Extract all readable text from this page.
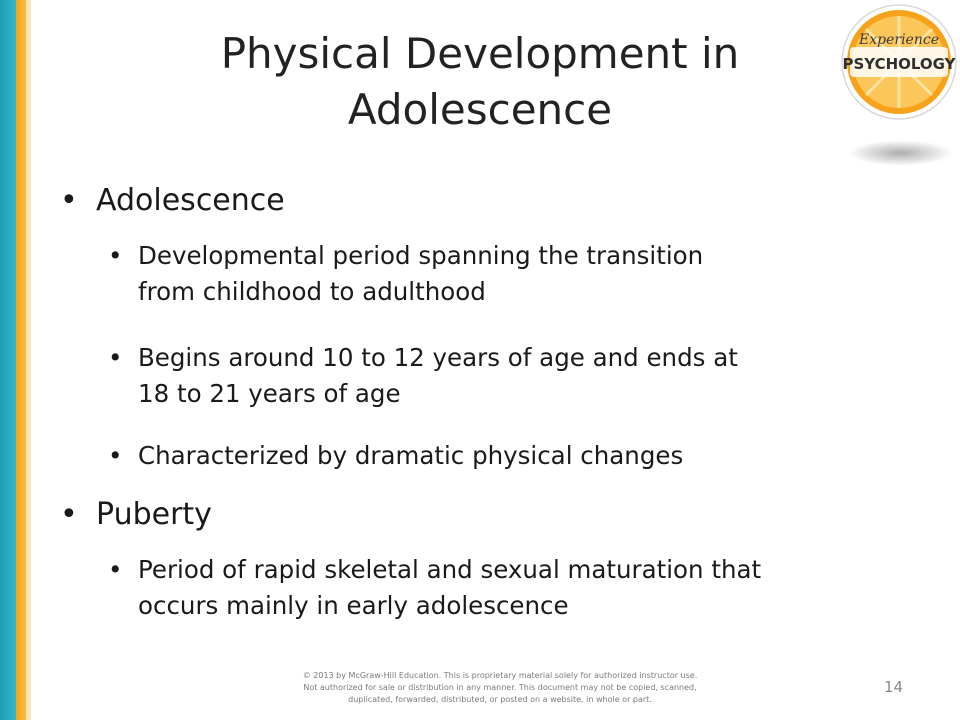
Physical Development in
Adolescence
Experience
PSYCHOLOGY
• Adolescence
• Developmental period spanning the transition
from childhood to adulthood
• Begins around 10 to 12 years of age and ends at
18 to 21 years of age
• Characterized by dramatic physical changes
• Puberty
• Period of rapid skeletal and sexual maturation that
occurs mainly in early adolescence
© 2013 by McGraw-Hill Education. This is proprietary material solely for authorized instructor use.
Not authorized for sale or distribution in any manner. This document may not be copied, scanned,
duplicated, forwarded, distributed, or posted on a website, in whole or part.
14
